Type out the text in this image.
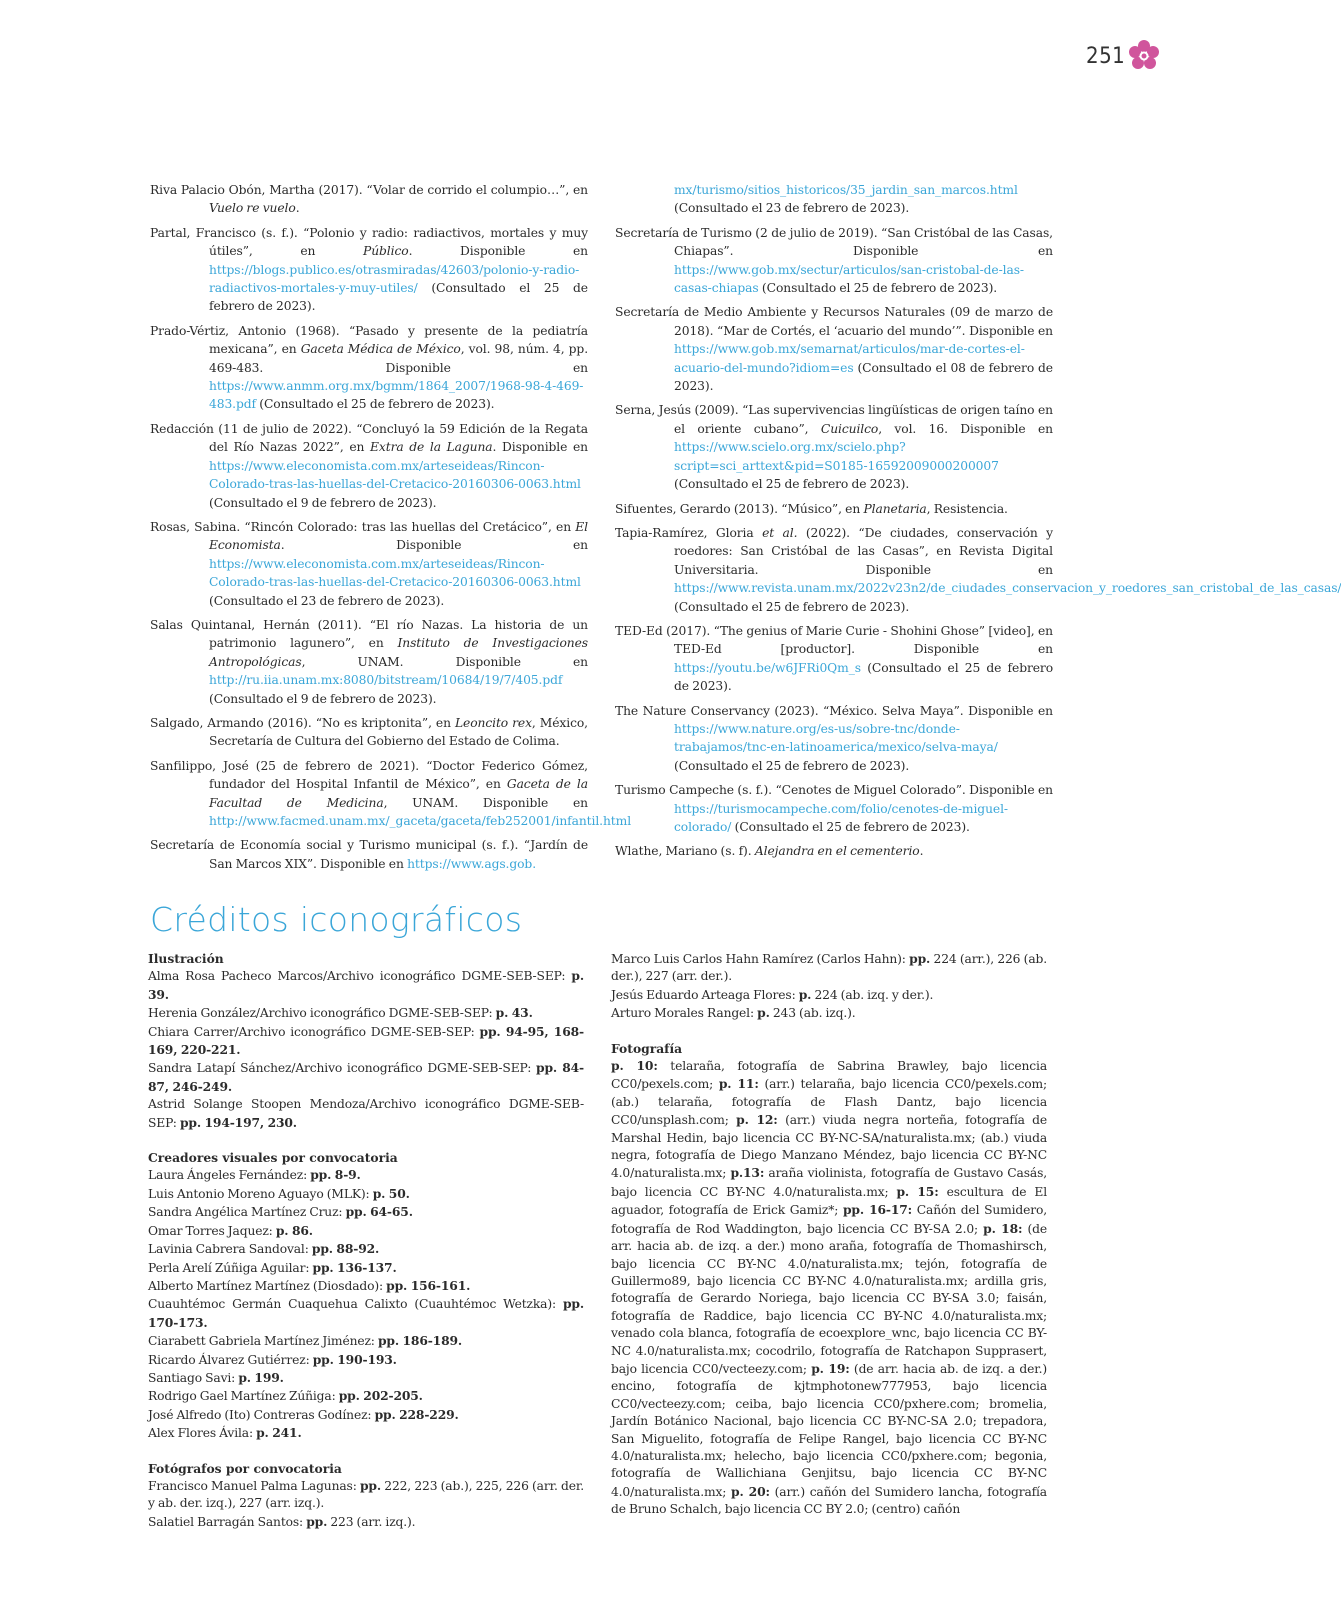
251

Riva Palacio Obón, Martha (2017). “Volar de corrido el columpio…”, en Vuelo re vuelo.

Partal, Francisco (s. f.). “Polonio y radio: radiactivos, mortales y muy útiles”, en Público. Disponible en https://blogs.publico.es/otrasmiradas/42603/polonio-y-radio-radiactivos-mortales-y-muy-utiles/ (Consultado el 25 de febrero de 2023).

Prado-Vértiz, Antonio (1968). “Pasado y presente de la pediatría mexicana”, en Gaceta Médica de México, vol. 98, núm. 4, pp. 469-483. Disponible en https://www.anmm.org.mx/bgmm/1864_2007/1968-98-4-469-483.pdf (Consultado el 25 de febrero de 2023).

Redacción (11 de julio de 2022). “Concluyó la 59 Edición de la Regata del Río Nazas 2022”, en Extra de la Laguna. Disponible en https://www.eleconomista.com.mx/arteseideas/Rincon-Colorado-tras-las-huellas-del-Cretacico-20160306-0063.html (Consultado el 9 de febrero de 2023).

Rosas, Sabina. “Rincón Colorado: tras las huellas del Cretácico”, en El Economista. Disponible en https://www.eleconomista.com.mx/arteseideas/Rincon-Colorado-tras-las-huellas-del-Cretacico-20160306-0063.html (Consultado el 23 de febrero de 2023).

Salas Quintanal, Hernán (2011). “El río Nazas. La historia de un patrimonio lagunero”, en Instituto de Investigaciones Antropológicas, UNAM. Disponible en http://ru.iia.unam.mx:8080/bitstream/10684/19/7/405.pdf (Consultado el 9 de febrero de 2023).

Salgado, Armando (2016). “No es kriptonita”, en Leoncito rex, México, Secretaría de Cultura del Gobierno del Estado de Colima.

Sanfilippo, José (25 de febrero de 2021). “Doctor Federico Gómez, fundador del Hospital Infantil de México”, en Gaceta de la Facultad de Medicina, UNAM. Disponible en http://www.facmed.unam.mx/_gaceta/gaceta/feb252001/infantil.html

Secretaría de Economía social y Turismo municipal (s. f.). “Jardín de San Marcos XIX”. Disponible en https://www.ags.gob.

mx/turismo/sitios_historicos/35_jardin_san_marcos.html (Consultado el 23 de febrero de 2023).

Secretaría de Turismo (2 de julio de 2019). “San Cristóbal de las Casas, Chiapas”. Disponible en https://www.gob.mx/sectur/articulos/san-cristobal-de-las-casas-chiapas (Consultado el 25 de febrero de 2023).

Secretaría de Medio Ambiente y Recursos Naturales (09 de marzo de 2018). “Mar de Cortés, el ‘acuario del mundo’”. Disponible en https://www.gob.mx/semarnat/articulos/mar-de-cortes-el-acuario-del-mundo?idiom=es (Consultado el 08 de febrero de 2023).

Serna, Jesús (2009). “Las supervivencias lingüísticas de origen taíno en el oriente cubano”, Cuicuilco, vol. 16. Disponible en https://www.scielo.org.mx/scielo.php?script=sci_arttext&pid=S0185-16592009000200007 (Consultado el 25 de febrero de 2023).

Sifuentes, Gerardo (2013). “Músico”, en Planetaria, Resistencia.

Tapia-Ramírez, Gloria et al. (2022). “De ciudades, conservación y roedores: San Cristóbal de las Casas”, en Revista Digital Universitaria. Disponible en https://www.revista.unam.mx/2022v23n2/de_ciudades_conservacion_y_roedores_san_cristobal_de_las_casas/ (Consultado el 25 de febrero de 2023).

TED-Ed (2017). “The genius of Marie Curie - Shohini Ghose” [video], en TED-Ed [productor]. Disponible en https://youtu.be/w6JFRi0Qm_s (Consultado el 25 de febrero de 2023).

The Nature Conservancy (2023). “México. Selva Maya”. Disponible en https://www.nature.org/es-us/sobre-tnc/donde-trabajamos/tnc-en-latinoamerica/mexico/selva-maya/ (Consultado el 25 de febrero de 2023).

Turismo Campeche (s. f.). “Cenotes de Miguel Colorado”. Disponible en https://turismocampeche.com/folio/cenotes-de-miguel-colorado/ (Consultado el 25 de febrero de 2023).

Wlathe, Mariano (s. f). Alejandra en el cementerio.

Créditos iconográficos

Ilustración

Alma Rosa Pacheco Marcos/Archivo iconográfico DGME-SEB-SEP: p. 39.

Herenia González/Archivo iconográfico DGME-SEB-SEP: p. 43.

Chiara Carrer/Archivo iconográfico DGME-SEB-SEP: pp. 94-95, 168-169, 220-221.

Sandra Latapí Sánchez/Archivo iconográfico DGME-SEB-SEP: pp. 84-87, 246-249.

Astrid Solange Stoopen Mendoza/Archivo iconográfico DGME-SEB-SEP: pp. 194-197, 230.

Creadores visuales por convocatoria

Laura Ángeles Fernández: pp. 8-9.

Luis Antonio Moreno Aguayo (MLK): p. 50.

Sandra Angélica Martínez Cruz: pp. 64-65.

Omar Torres Jaquez: p. 86.

Lavinia Cabrera Sandoval: pp. 88-92.

Perla Arelí Zúñiga Aguilar: pp. 136-137.

Alberto Martínez Martínez (Diosdado): pp. 156-161.

Cuauhtémoc Germán Cuaquehua Calixto (Cuauhtémoc Wetzka): pp. 170-173.

Ciarabett Gabriela Martínez Jiménez: pp. 186-189.

Ricardo Álvarez Gutiérrez: pp. 190-193.

Santiago Savi: p. 199.

Rodrigo Gael Martínez Zúñiga: pp. 202-205.

José Alfredo (Ito) Contreras Godínez: pp. 228-229.

Alex Flores Ávila: p. 241.

Fotógrafos por convocatoria

Francisco Manuel Palma Lagunas: pp. 222, 223 (ab.), 225, 226 (arr. der. y ab. der. izq.), 227 (arr. izq.).

Salatiel Barragán Santos: pp. 223 (arr. izq.).

Marco Luis Carlos Hahn Ramírez (Carlos Hahn): pp. 224 (arr.), 226 (ab. der.), 227 (arr. der.).

Jesús Eduardo Arteaga Flores: p. 224 (ab. izq. y der.).

Arturo Morales Rangel: p. 243 (ab. izq.).

Fotografía

p. 10: telaraña, fotografía de Sabrina Brawley, bajo licencia CC0/pexels.com; p. 11: (arr.) telaraña, bajo licencia CC0/pexels.com; (ab.) telaraña, fotografía de Flash Dantz, bajo licencia CC0/unsplash.com; p. 12: (arr.) viuda negra norteña, fotografía de Marshal Hedin, bajo licencia CC BY-NC-SA/naturalista.mx; (ab.) viuda negra, fotografía de Diego Manzano Méndez, bajo licencia CC BY-NC 4.0/naturalista.mx; p.13: araña violinista, fotografía de Gustavo Casás, bajo licencia CC BY-NC 4.0/naturalista.mx; p. 15: escultura de El aguador, fotografía de Erick Gamiz*; pp. 16-17: Cañón del Sumidero, fotografía de Rod Waddington, bajo licencia CC BY-SA 2.0; p. 18: (de arr. hacia ab. de izq. a der.) mono araña, fotografía de Thomashirsch, bajo licencia CC BY-NC 4.0/naturalista.mx; tejón, fotografía de Guillermo89, bajo licencia CC BY-NC 4.0/naturalista.mx; ardilla gris, fotografía de Gerardo Noriega, bajo licencia CC BY-SA 3.0; faisán, fotografía de Raddice, bajo licencia CC BY-NC 4.0/naturalista.mx; venado cola blanca, fotografía de ecoexplore_wnc, bajo licencia CC BY-NC 4.0/naturalista.mx; cocodrilo, fotografía de Ratchapon Supprasert, bajo licencia CC0/vecteezy.com; p. 19: (de arr. hacia ab. de izq. a der.) encino, fotografía de kjtmphotonew777953, bajo licencia CC0/vecteezy.com; ceiba, bajo licencia CC0/pxhere.com; bromelia, Jardín Botánico Nacional, bajo licencia CC BY-NC-SA 2.0; trepadora, San Miguelito, fotografía de Felipe Rangel, bajo licencia CC BY-NC 4.0/naturalista.mx; helecho, bajo licencia CC0/pxhere.com; begonia, fotografía de Wallichiana Genjitsu, bajo licencia CC BY-NC 4.0/naturalista.mx; p. 20: (arr.) cañón del Sumidero lancha, fotografía de Bruno Schalch, bajo licencia CC BY 2.0; (centro) cañón
